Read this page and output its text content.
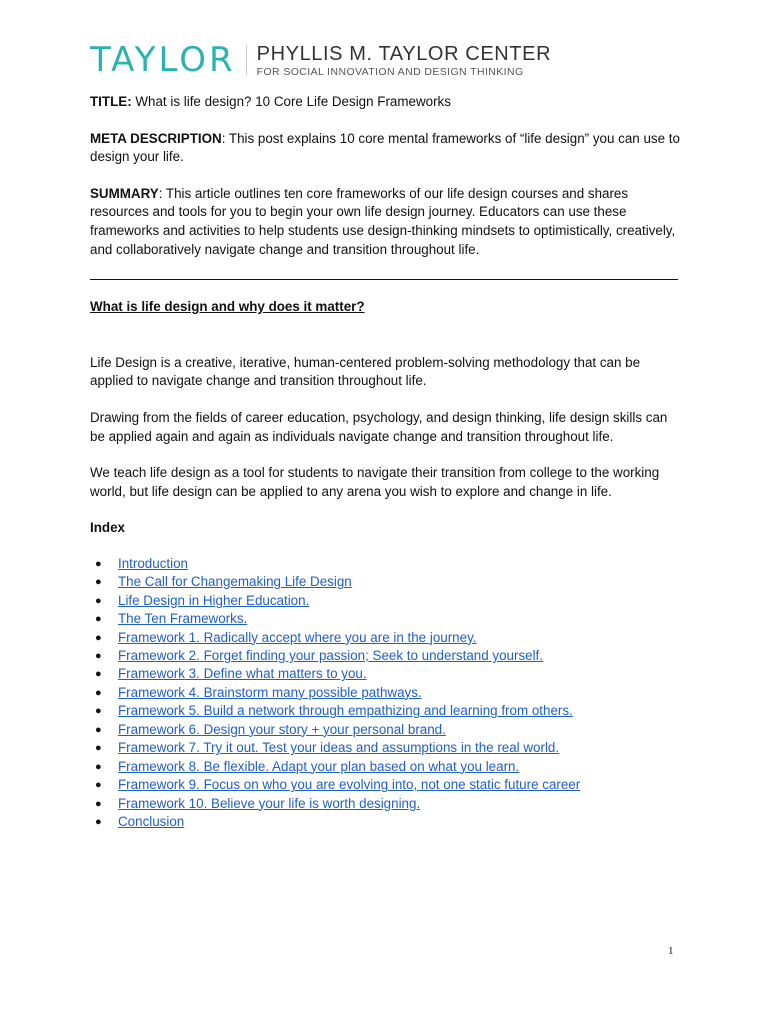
TAYLOR PHYLLIS M. TAYLOR CENTER
FOR SOCIAL INNOVATION AND DESIGN THINKING

TITLE: What is life design? 10 Core Life Design Frameworks

META DESCRIPTION: This post explains 10 core mental frameworks of “life design” you can use to design your life.

SUMMARY: This article outlines ten core frameworks of our life design courses and shares resources and tools for you to begin your own life design journey. Educators can use these frameworks and activities to help students use design-thinking mindsets to optimistically, creatively, and collaboratively navigate change and transition throughout life.

What is life design and why does it matter?

Life Design is a creative, iterative, human-centered problem-solving methodology that can be applied to navigate change and transition throughout life.

Drawing from the fields of career education, psychology, and design thinking, life design skills can be applied again and again as individuals navigate change and transition throughout life.

We teach life design as a tool for students to navigate their transition from college to the working world, but life design can be applied to any arena you wish to explore and change in life.

Index

●	Introduction
●	The Call for Changemaking Life Design
●	Life Design in Higher Education.
●	The Ten Frameworks.
●	Framework 1. Radically accept where you are in the journey.
●	Framework 2. Forget finding your passion; Seek to understand yourself.
●	Framework 3. Define what matters to you.
●	Framework 4. Brainstorm many possible pathways.
●	Framework 5. Build a network through empathizing and learning from others.
●	Framework 6. Design your story + your personal brand.
●	Framework 7. Try it out. Test your ideas and assumptions in the real world.
●	Framework 8. Be flexible. Adapt your plan based on what you learn.
●	Framework 9. Focus on who you are evolving into, not one static future career
●	Framework 10. Believe your life is worth designing.
●	Conclusion
1
